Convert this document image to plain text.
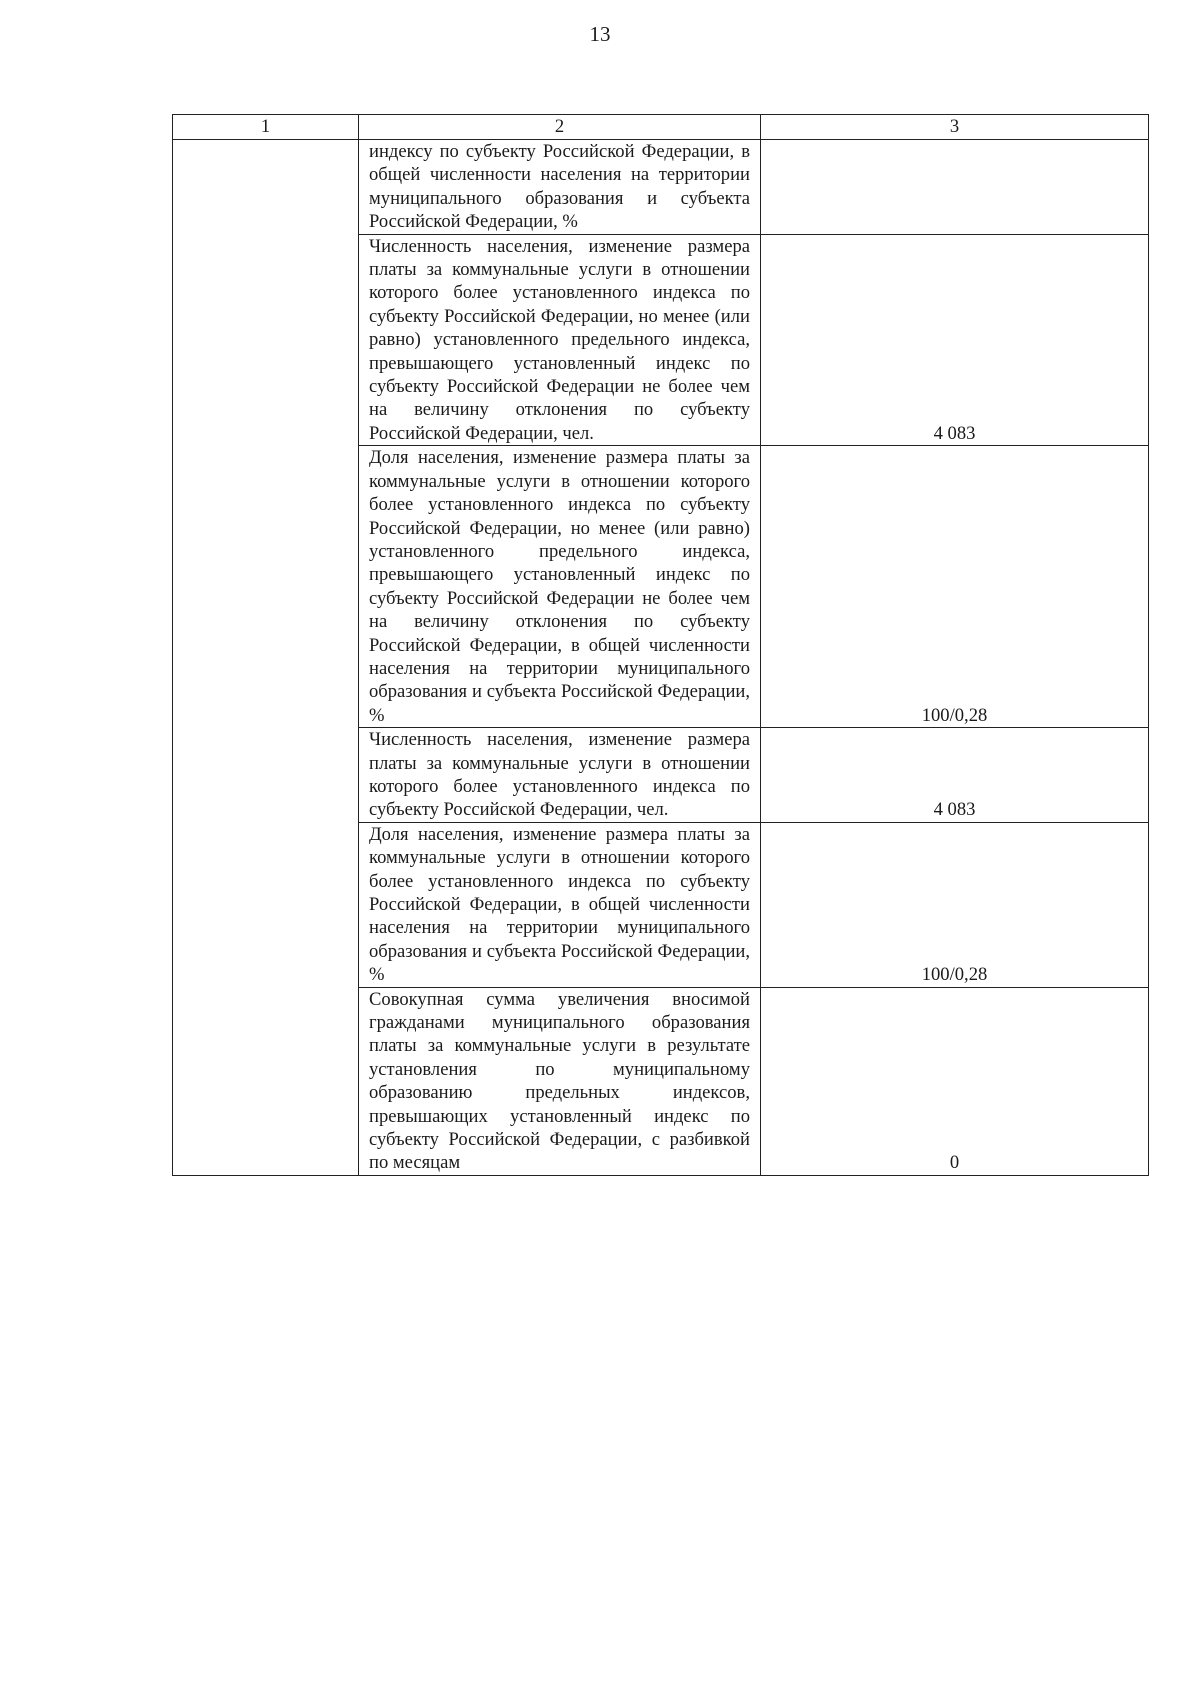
13
1	2	3
	индексу по субъекту Российской Федерации, в общей численности населения на территории муниципального образования и субъекта Российской Федерации, %	
	Численность населения, изменение размера платы за коммунальные услуги в отношении которого более установленного индекса по субъекту Российской Федерации, но менее (или равно) установленного предельного индекса, превышающего установленный индекс по субъекту Российской Федерации не более чем на величину отклонения по субъекту Российской Федерации, чел.	4 083
	Доля населения, изменение размера платы за коммунальные услуги в отношении которого более установленного индекса по субъекту Российской Федерации, но менее (или равно) установленного предельного индекса, превышающего установленный индекс по субъекту Российской Федерации не более чем на величину отклонения по субъекту Российской Федерации, в общей численности населения на территории муниципального образования и субъекта Российской Федерации, %	100/0,28
	Численность населения, изменение размера платы за коммунальные услуги в отношении которого более установленного индекса по субъекту Российской Федерации, чел.	4 083
	Доля населения, изменение размера платы за коммунальные услуги в отношении которого более установленного индекса по субъекту Российской Федерации, в общей численности населения на территории муниципального образования и субъекта Российской Федерации, %	100/0,28
	Совокупная сумма увеличения вносимой гражданами муниципального образования платы за коммунальные услуги в результате установления по муниципальному образованию предельных индексов, превышающих установленный индекс по субъекту Российской Федерации, с разбивкой по месяцам	0
